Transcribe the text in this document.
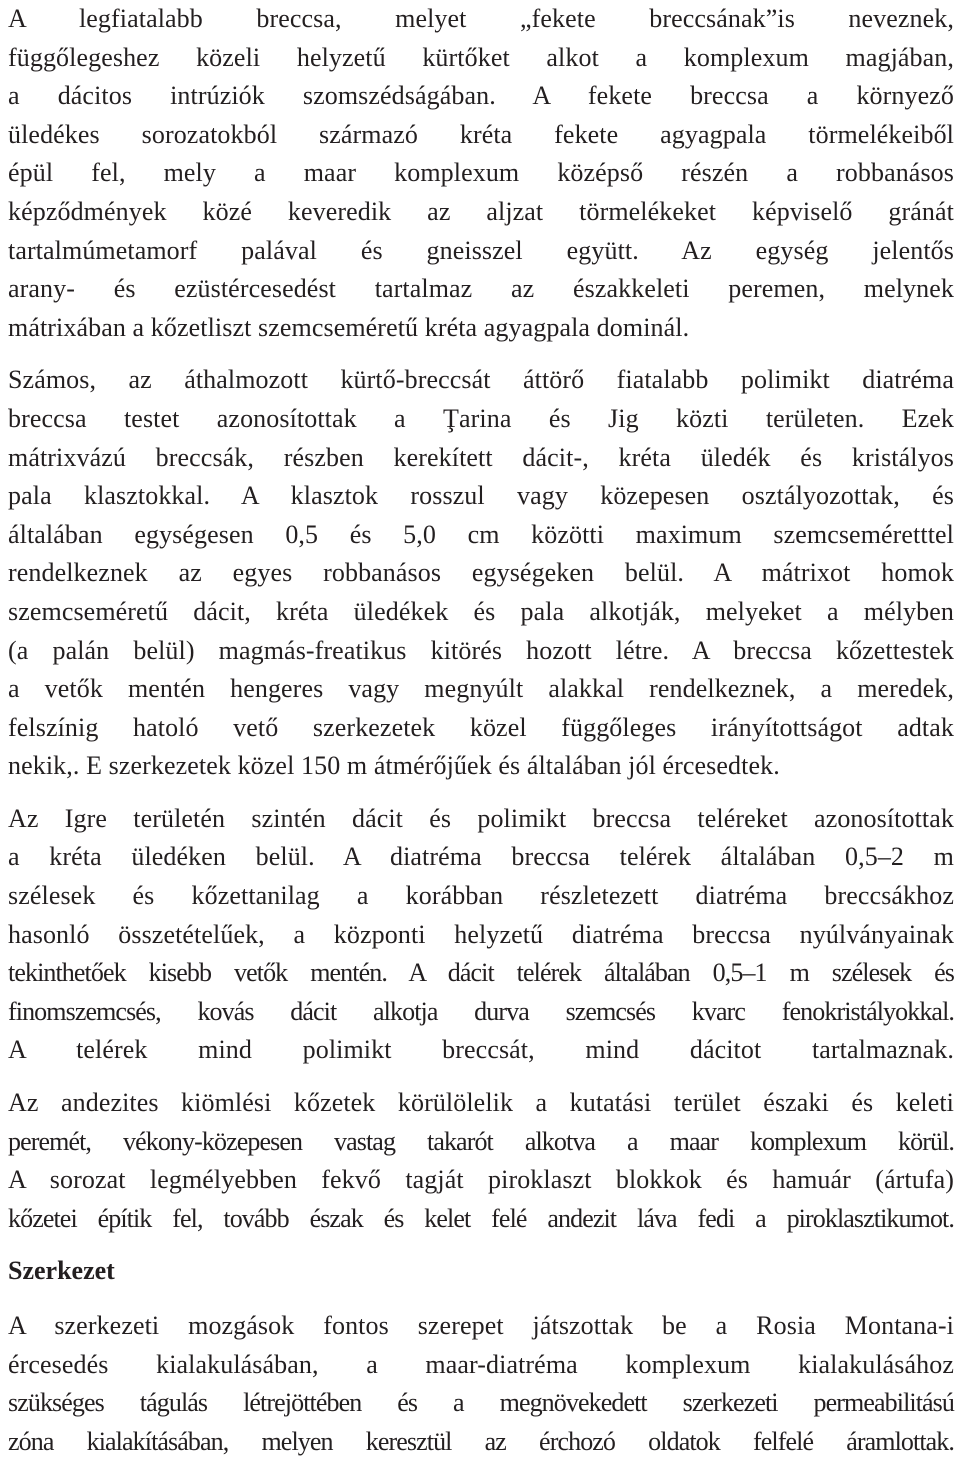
A legfiatalabb breccsa, melyet „fekete breccsának”is neveznek,
függőlegeshez közeli helyzetű kürtőket alkot a komplexum magjában,
a dácitos intrúziók szomszédságában. A fekete breccsa a környező
üledékes sorozatokból származó kréta fekete agyagpala törmelékeiből
épül fel, mely a maar komplexum középső részén a robbanásos
képződmények közé keveredik az aljzat törmelékeket képviselő gránát
tartalmúmetamorf palával és gneisszel együtt. Az egység jelentős
arany- és ezüstércesedést tartalmaz az északkeleti peremen, melynek
mátrixában a kőzetliszt szemcseméretű kréta agyagpala dominál.

Számos, az áthalmozott kürtő-breccsát áttörő fiatalabb polimikt diatréma
breccsa testet azonosítottak a Ţarina és Jig közti területen. Ezek
mátrixvázú breccsák, részben kerekített dácit-, kréta üledék és kristályos
pala klasztokkal. A klasztok rosszul vagy közepesen osztályozottak, és
általában egységesen 0,5 és 5,0 cm közötti maximum szemcseméretttel
rendelkeznek az egyes robbanásos egységeken belül. A mátrixot homok
szemcseméretű dácit, kréta üledékek és pala alkotják, melyeket a mélyben
(a palán belül) magmás-freatikus kitörés hozott létre. A breccsa kőzettestek
a vetők mentén hengeres vagy megnyúlt alakkal rendelkeznek, a meredek,
felszínig hatoló vető szerkezetek közel függőleges irányítottságot adtak
nekik,. E szerkezetek közel 150 m átmérőjűek és általában jól ércesedtek.

Az Igre területén szintén dácit és polimikt breccsa teléreket azonosítottak
a kréta üledéken belül. A diatréma breccsa telérek általában 0,5–2 m
szélesek és kőzettanilag a korábban részletezett diatréma breccsákhoz
hasonló összetételűek, a központi helyzetű diatréma breccsa nyúlványainak
tekinthetőek kisebb vetők mentén. A dácit telérek általában 0,5–1 m szélesek és
finomszemcsés, kovás dácit alkotja durva szemcsés kvarc fenokristályokkal.
A telérek mind polimikt breccsát, mind dácitot tartalmaznak.

Az andezites kiömlési kőzetek körülölelik a kutatási terület északi és keleti
peremét, vékony-közepesen vastag takarót alkotva a maar komplexum körül.
A sorozat legmélyebben fekvő tagját piroklaszt blokkok és hamuár (ártufa)
kőzetei építik fel, tovább észak és kelet felé andezit láva fedi a piroklasztikumot.

Szerkezet

A szerkezeti mozgások fontos szerepet játszottak be a Rosia Montana-i
ércesedés kialakulásában, a maar-diatréma komplexum kialakulásához
szükséges tágulás létrejöttében és a megnövekedett szerkezeti permeabilitású
zóna kialakításában, melyen keresztül az érchozó oldatok felfelé áramlottak.
